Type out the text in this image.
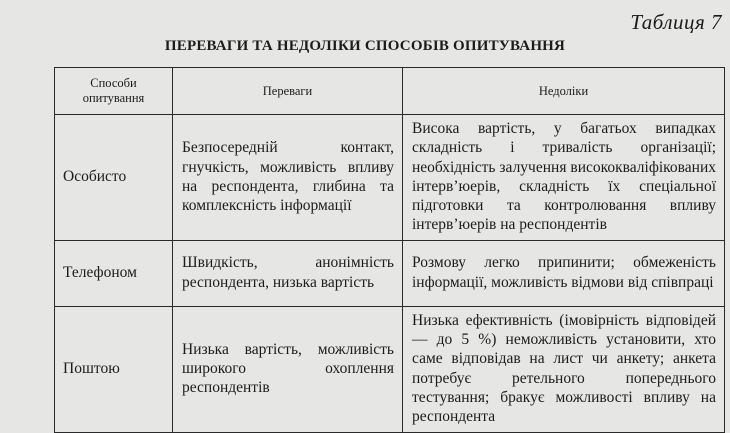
Таблиця 7
ПЕРЕВАГИ ТА НЕДОЛІКИ СПОСОБІВ ОПИТУВАННЯ
Способи опитування	Переваги	Недоліки
Особисто	Безпосередній контакт, гнучкість, можливість впливу на респондента, глибина та комплексність інформації	Висока вартість, у багатьох випадках складність і тривалість організації; необхідність залучення висококваліфікованих інтерв’юерів, складність їх спеціальної підготовки та контролювання впливу інтерв’юерів на респондентів
Телефоном	Швидкість, анонімність респондента, низька вартість	Розмову легко припинити; обмеженість інформації, можливість відмови від співпраці
Поштою	Низька вартість, можливість широкого охоплення респондентів	Низька ефективність (імовірність відповідей — до 5 %) неможливість установити, хто саме відповідав на лист чи анкету; анкета потребує ретельного попереднього тестування; бракує можливості впливу на респондента
